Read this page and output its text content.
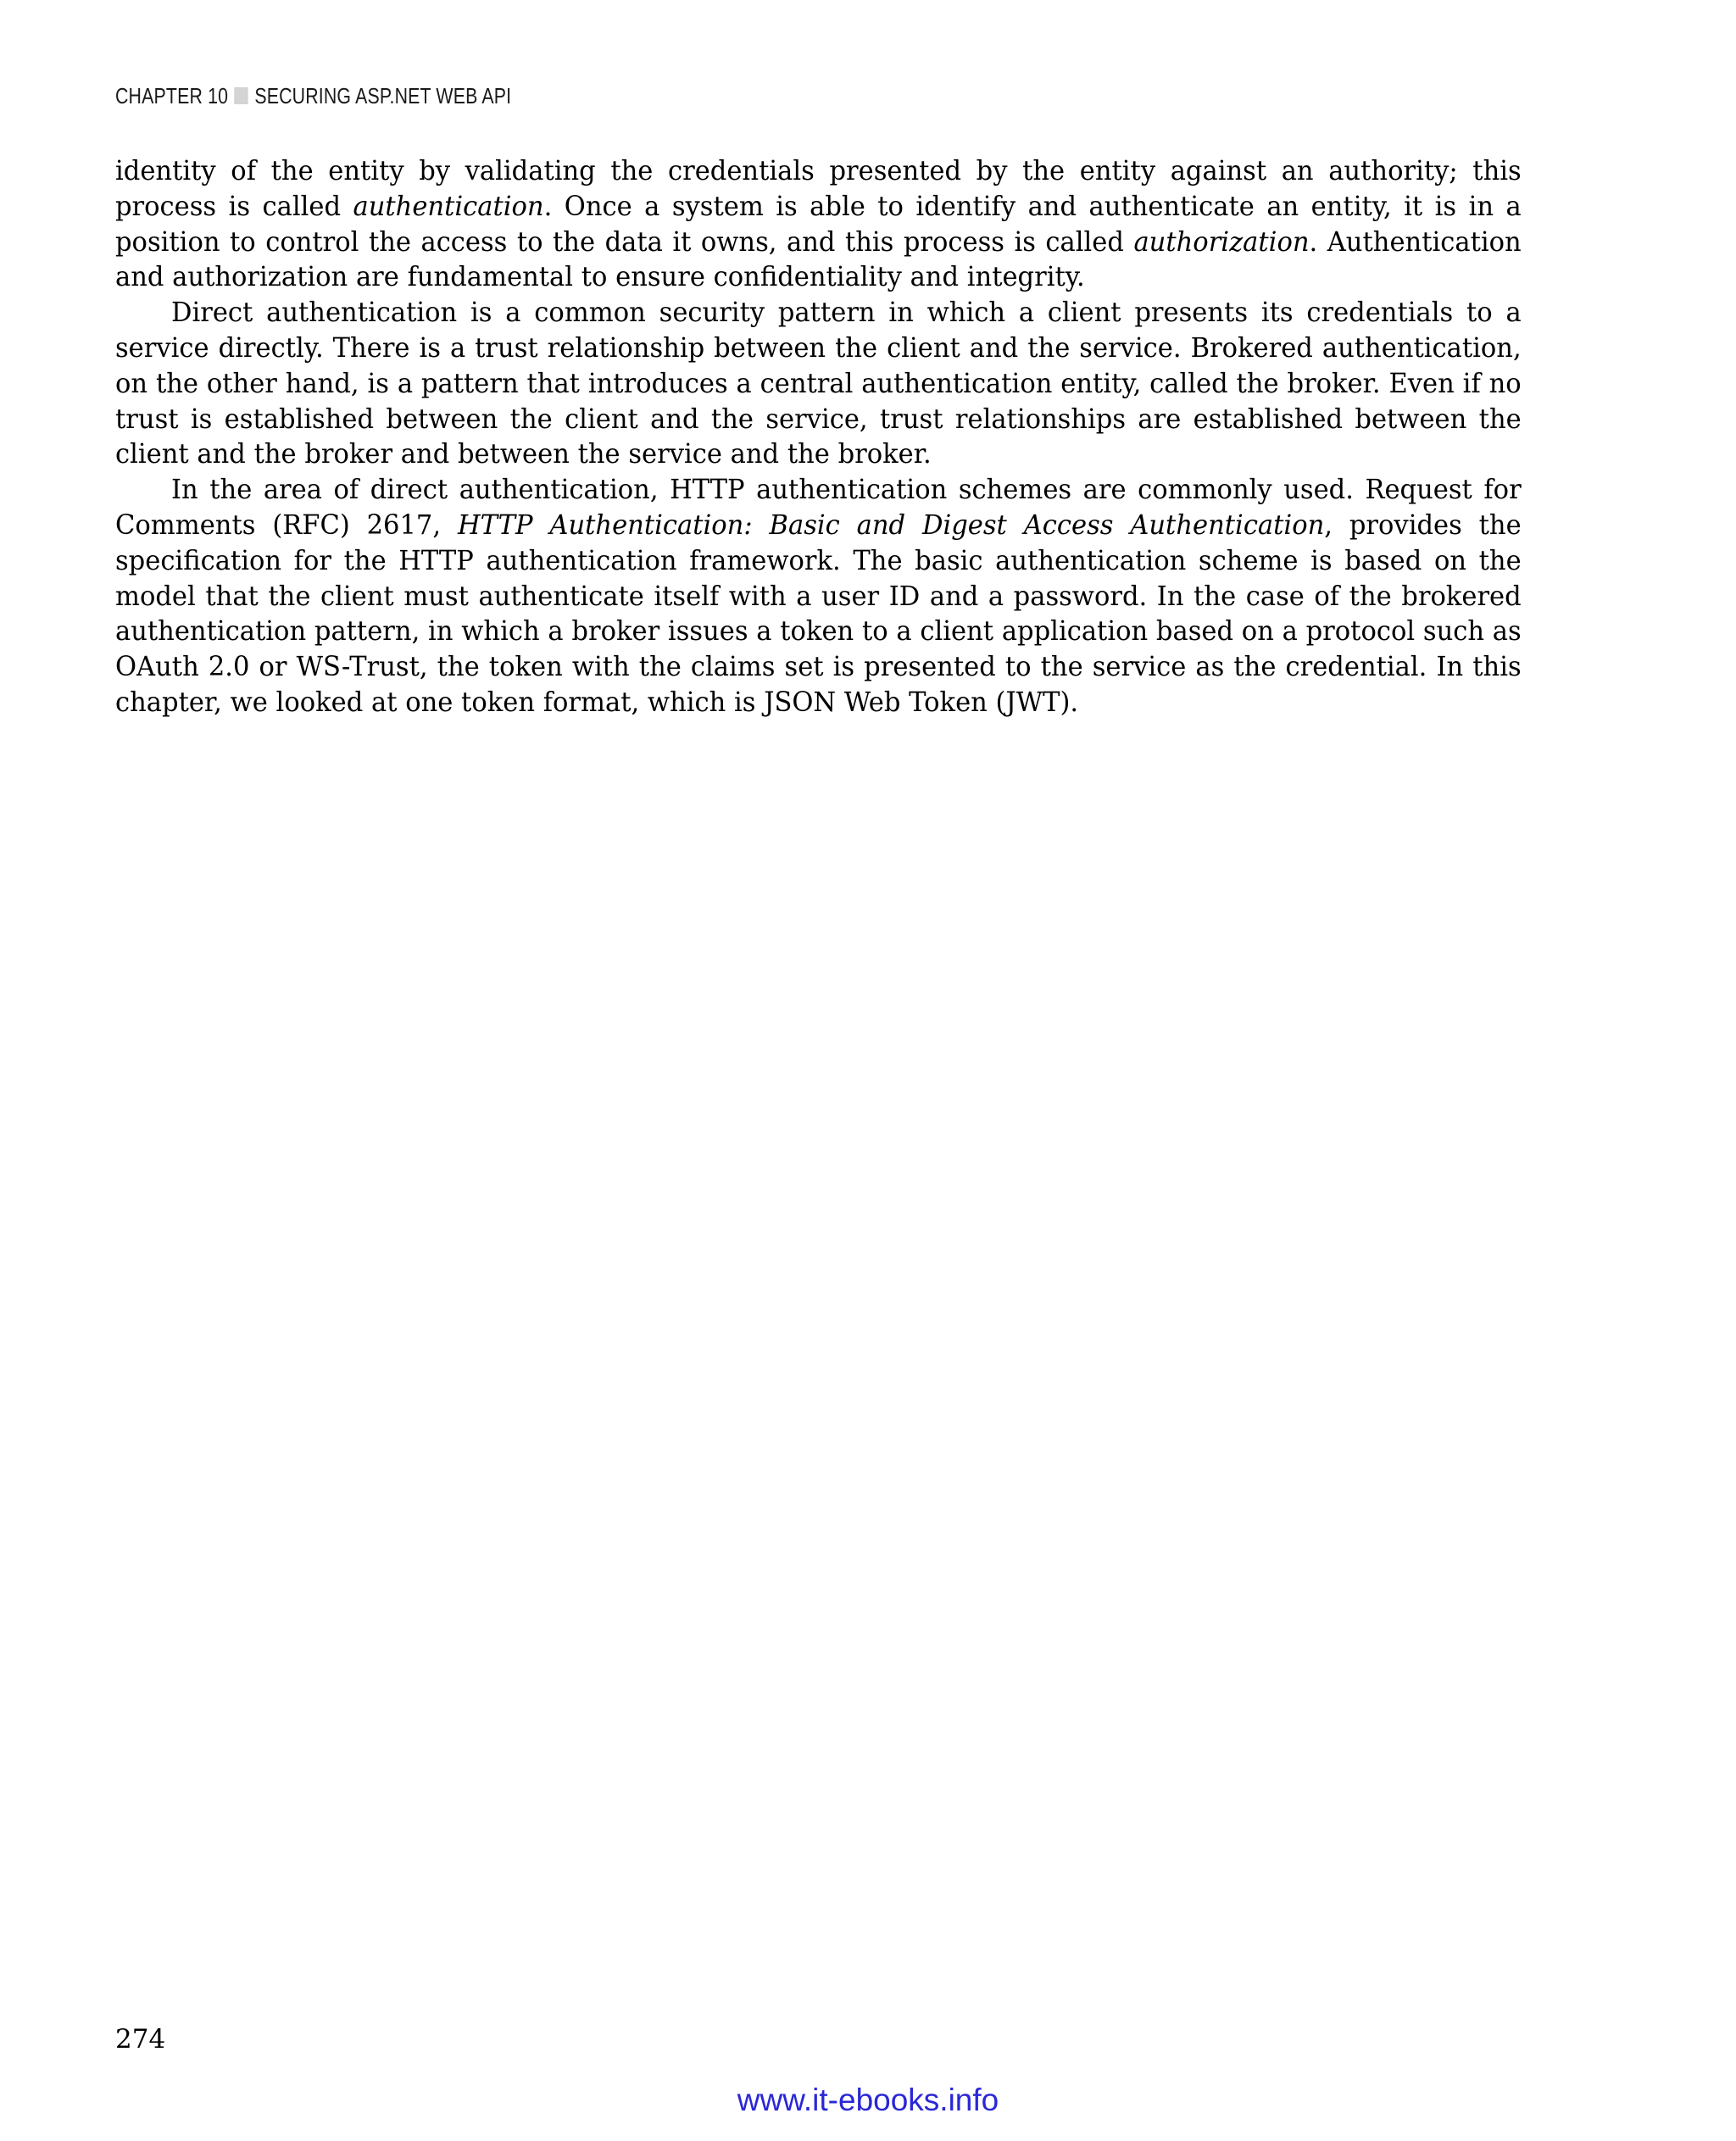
CHAPTER 10 SECURING ASP.NET WEB API

identity of the entity by validating the credentials presented by the entity against an authority; this process is called authentication. Once a system is able to identify and authenticate an entity, it is in a position to control the access to the data it owns, and this process is called authorization. Authentication and authorization are fundamental to ensure confidentiality and integrity.

Direct authentication is a common security pattern in which a client presents its credentials to a service directly. There is a trust relationship between the client and the service. Brokered authentication, on the other hand, is a pattern that introduces a central authentication entity, called the broker. Even if no trust is established between the client and the service, trust relationships are established between the client and the broker and between the service and the broker.

In the area of direct authentication, HTTP authentication schemes are commonly used. Request for Comments (RFC) 2617, HTTP Authentication: Basic and Digest Access Authentication, provides the specification for the HTTP authentication framework. The basic authentication scheme is based on the model that the client must authenticate itself with a user ID and a password. In the case of the brokered authentication pattern, in which a broker issues a token to a client application based on a protocol such as OAuth 2.0 or WS-Trust, the token with the claims set is presented to the service as the credential. In this chapter, we looked at one token format, which is JSON Web Token (JWT).

274
www.it-ebooks.info
